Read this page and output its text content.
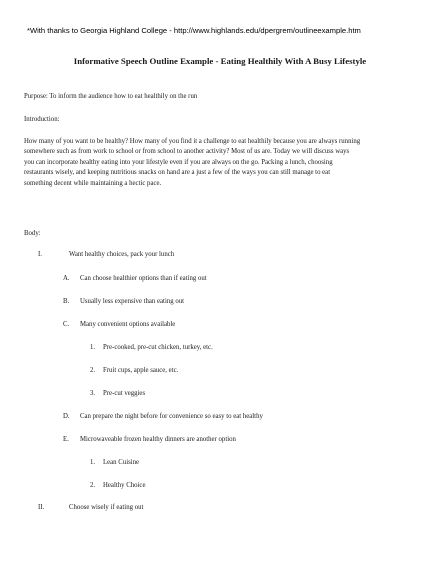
*With thanks to Georgia Highland College - http://www.highlands.edu/dpergrem/outlineexample.htm
Informative Speech Outline Example - Eating Healthily With A Busy Lifestyle
Purpose: To inform the audience how to eat healthily on the run
Introduction:
How many of you want to be healthy? How many of you find it a challenge to eat healthily because you are always running
somewhere such as from work to school or from school to another activity? Most of us are. Today we will discuss ways
you can incorporate healthy eating into your lifestyle even if you are always on the go. Packing a lunch, choosing
restaurants wisely, and keeping nutritious snacks on hand are a just a few of the ways you can still manage to eat
something decent while maintaining a hectic pace.
Body:
I.	Want healthy choices, pack your lunch
A. Can choose healthier options than if eating out
B. Usually less expensive than eating out
C. Many convenient options available
1. Pre-cooked, pre-cut chicken, turkey, etc.
2. Fruit cups, apple sauce, etc.
3. Pre-cut veggies
D. Can prepare the night before for convenience so easy to eat healthy
E. Microwaveable frozen healthy dinners are another option
1. Lean Cuisine
2. Healthy Choice
II.	Choose wisely if eating out
